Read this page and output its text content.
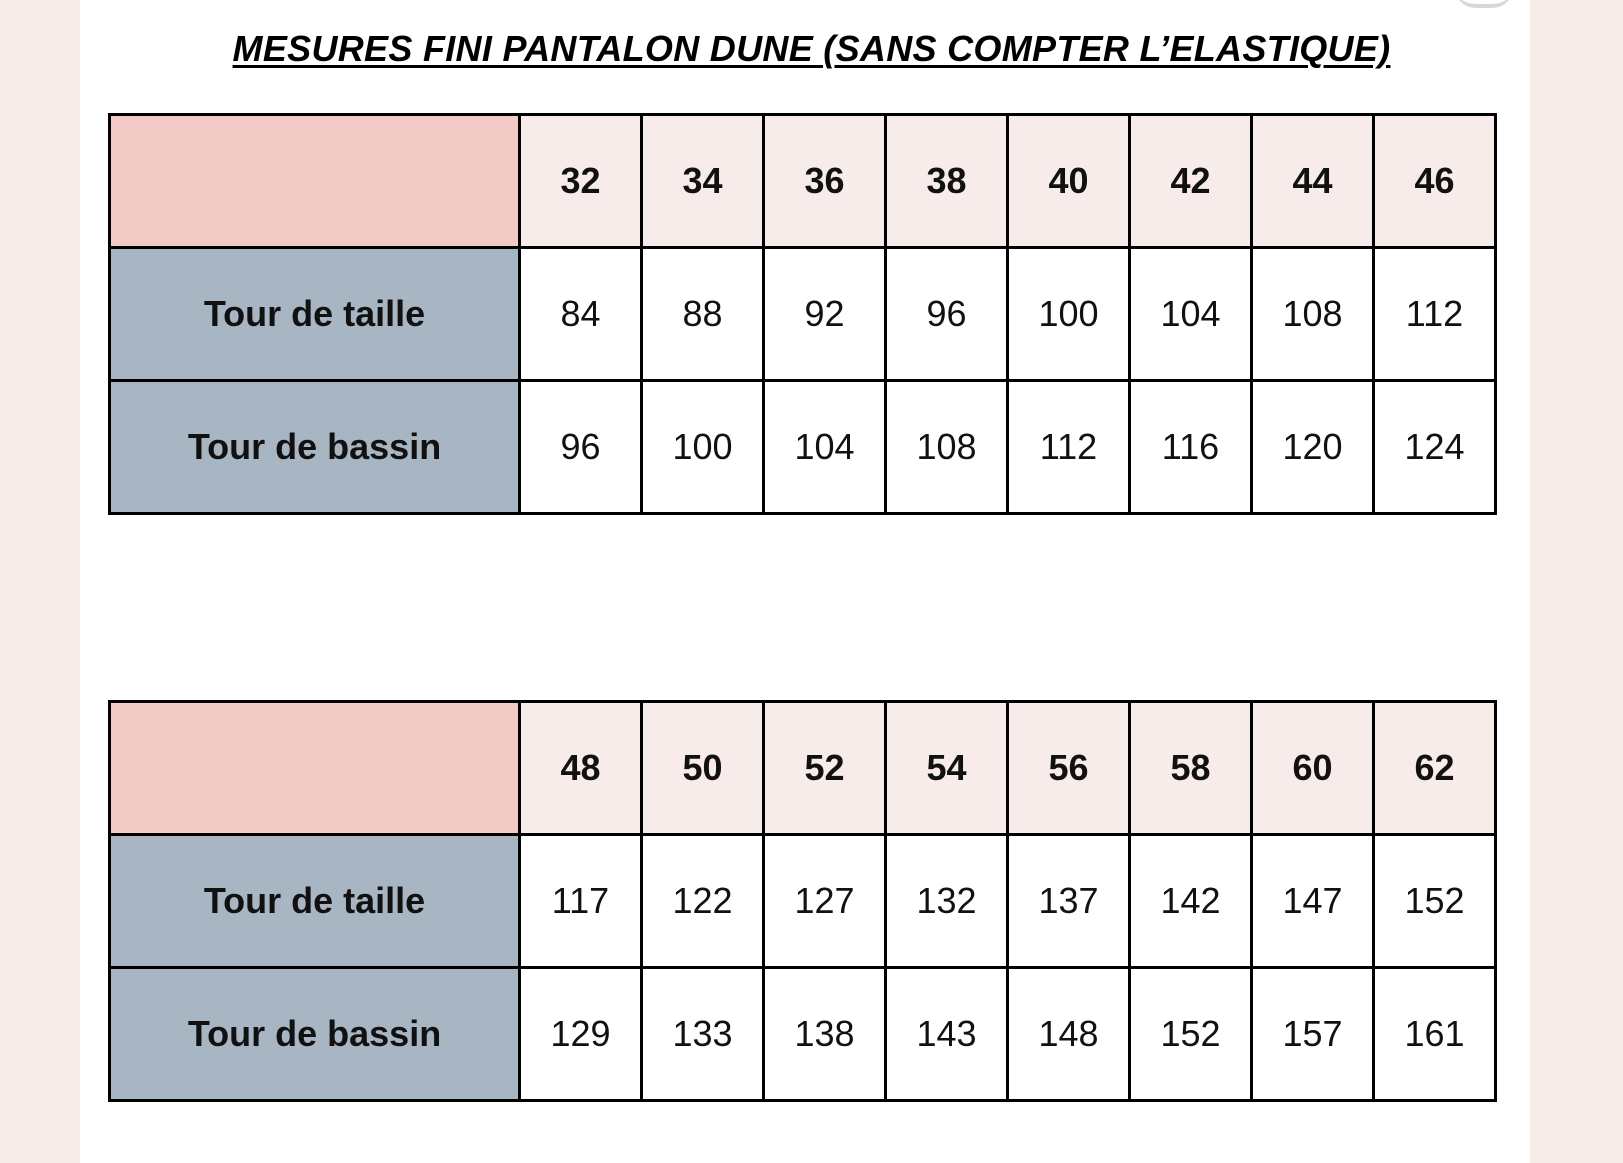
MESURES FINI PANTALON DUNE (SANS COMPTER L’ELASTIQUE)
	32	34	36	38	40	42	44	46
Tour de taille	84	88	92	96	100	104	108	112
Tour de bassin	96	100	104	108	112	116	120	124
	48	50	52	54	56	58	60	62
Tour de taille	117	122	127	132	137	142	147	152
Tour de bassin	129	133	138	143	148	152	157	161
